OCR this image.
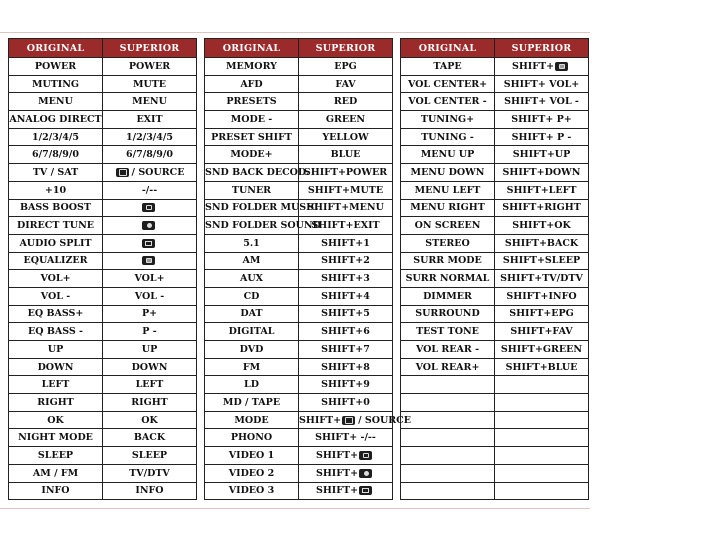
ORIGINAL	SUPERIOR
POWER	POWER
MUTING	MUTE
MENU	MENU
ANALOG DIRECT	EXIT
1/2/3/4/5	1/2/3/4/5
6/7/8/9/0	6/7/8/9/0
TV / SAT	/ SOURCE
+10	-/--
BASS BOOST	
DIRECT TUNE	
AUDIO SPLIT	
EQUALIZER	
VOL+	VOL+
VOL -	VOL -
EQ BASS+	P+
EQ BASS -	P -
UP	UP
DOWN	DOWN
LEFT	LEFT
RIGHT	RIGHT
OK	OK
NIGHT MODE	BACK
SLEEP	SLEEP
AM / FM	TV/DTV
INFO	INFO
ORIGINAL	SUPERIOR
MEMORY	EPG
AFD	FAV
PRESETS	RED
MODE -	GREEN
PRESET SHIFT	YELLOW
MODE+	BLUE
SND BACK DECOD.	SHIFT+POWER
TUNER	SHIFT+MUTE
SND FOLDER MUSIC	SHIFT+MENU
SND FOLDER SOUND	SHIFT+EXIT
5.1	SHIFT+1
AM	SHIFT+2
AUX	SHIFT+3
CD	SHIFT+4
DAT	SHIFT+5
DIGITAL	SHIFT+6
DVD	SHIFT+7
FM	SHIFT+8
LD	SHIFT+9
MD / TAPE	SHIFT+0
MODE	SHIFT+ / SOURCE
PHONO	SHIFT+ -/--
VIDEO 1	SHIFT+
VIDEO 2	SHIFT+
VIDEO 3	SHIFT+
ORIGINAL	SUPERIOR
TAPE	SHIFT+
VOL CENTER+	SHIFT+ VOL+
VOL CENTER -	SHIFT+ VOL -
TUNING+	SHIFT+ P+
TUNING -	SHIFT+ P -
MENU UP	SHIFT+UP
MENU DOWN	SHIFT+DOWN
MENU LEFT	SHIFT+LEFT
MENU RIGHT	SHIFT+RIGHT
ON SCREEN	SHIFT+OK
STEREO	SHIFT+BACK
SURR MODE	SHIFT+SLEEP
SURR NORMAL	SHIFT+TV/DTV
DIMMER	SHIFT+INFO
SURROUND	SHIFT+EPG
TEST TONE	SHIFT+FAV
VOL REAR -	SHIFT+GREEN
VOL REAR+	SHIFT+BLUE
